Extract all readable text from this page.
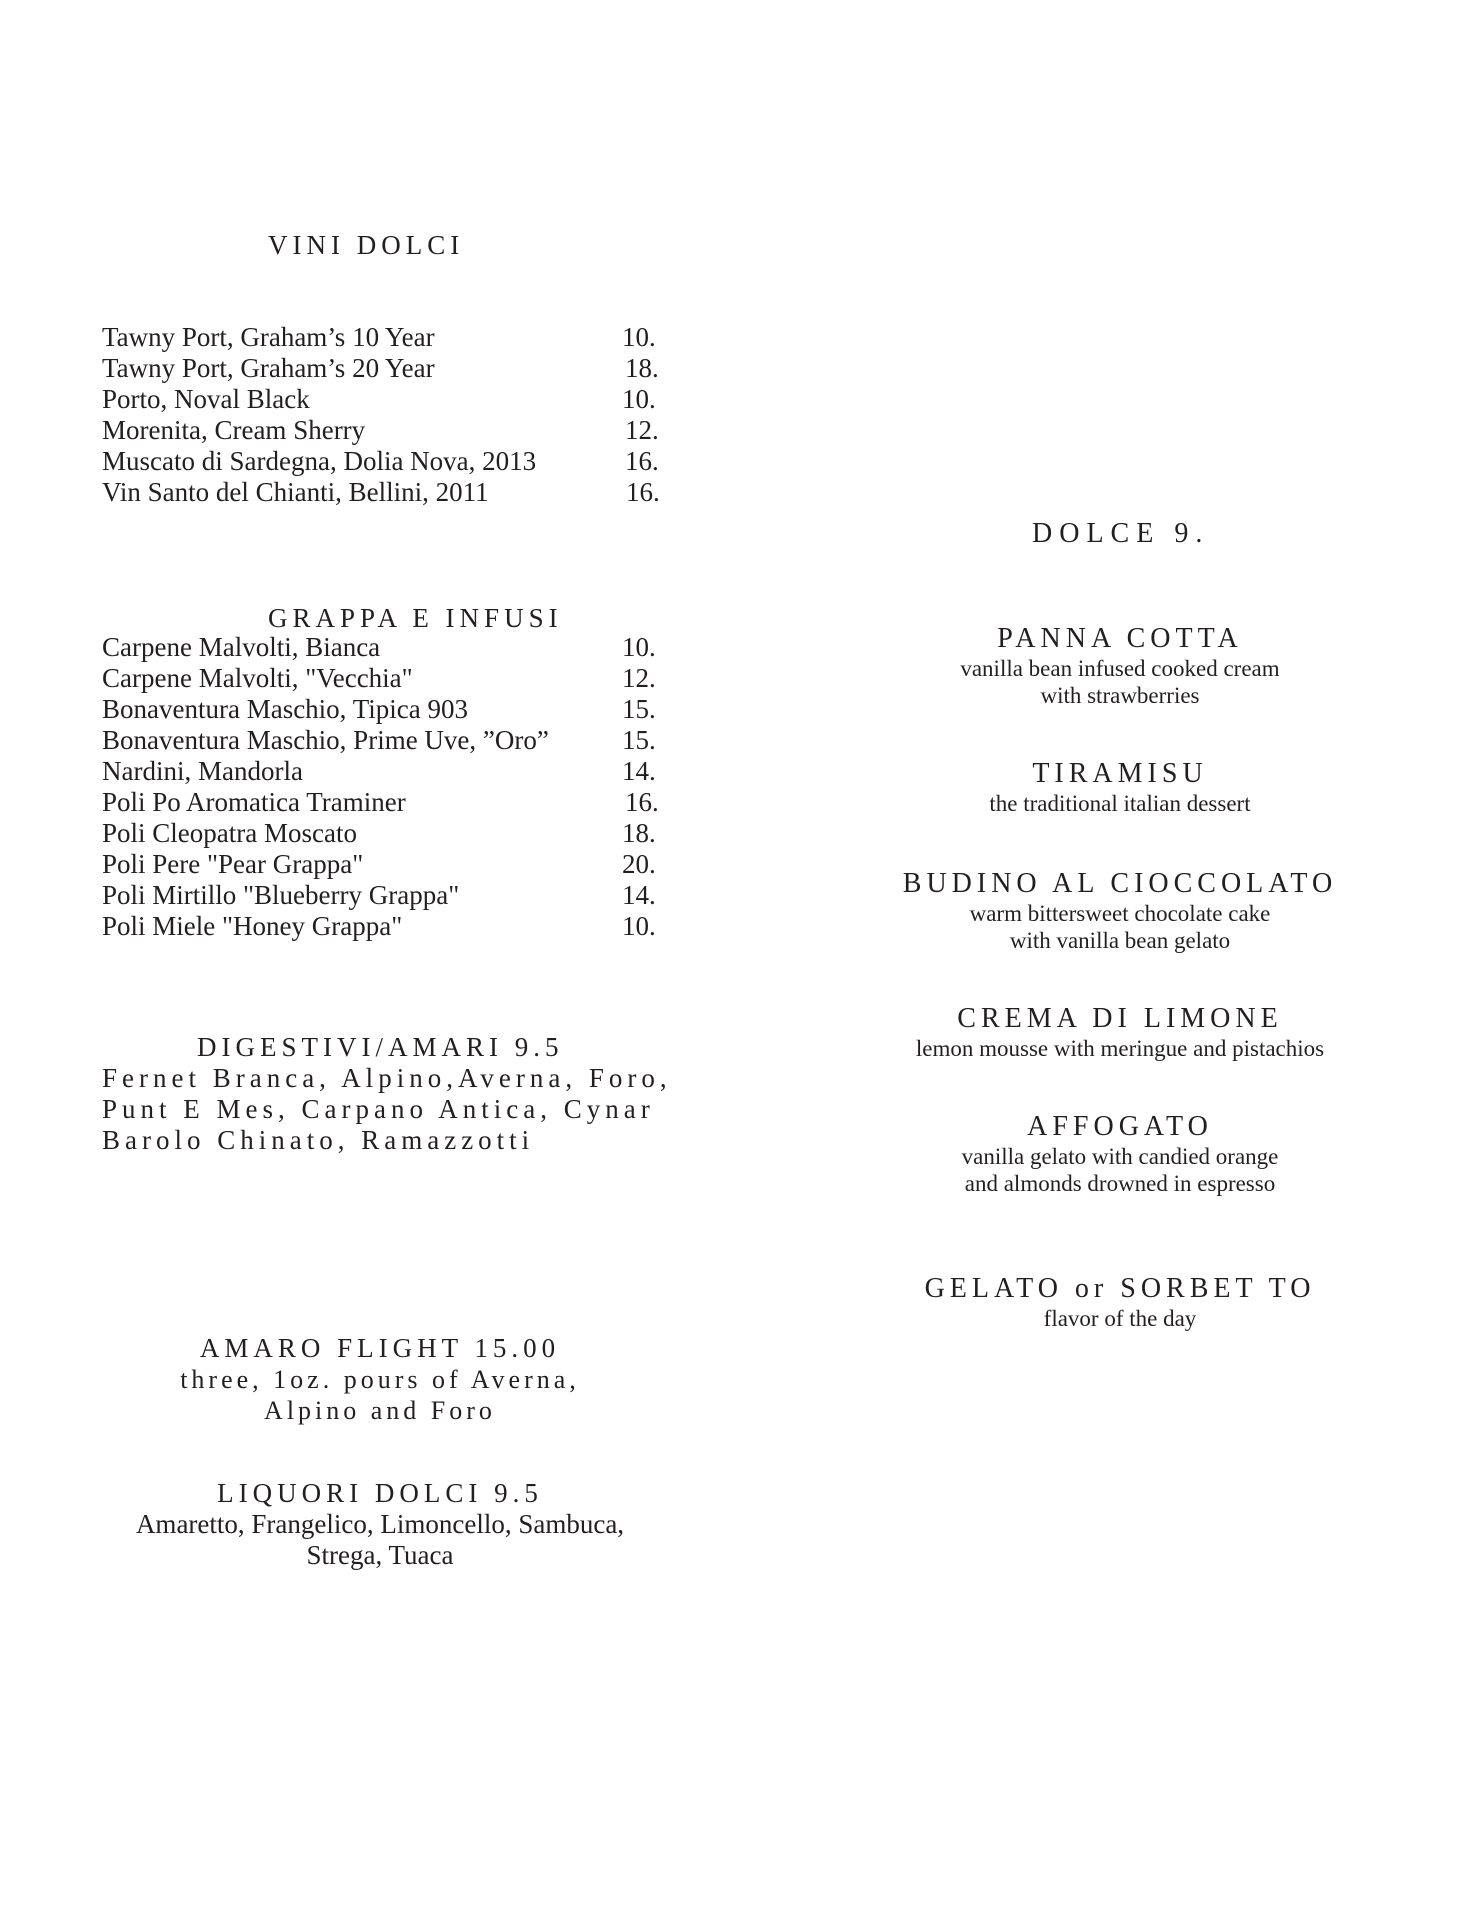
VINI DOLCI
Tawny Port, Graham’s 10 Year	10.
Tawny Port, Graham’s 20 Year	18.
Porto, Noval Black	10.
Morenita, Cream Sherry	12.
Muscato di Sardegna, Dolia Nova, 2013	16.
Vin Santo del Chianti, Bellini, 2011	16.
GRAPPA E INFUSI
Carpene Malvolti, Bianca	10.
Carpene Malvolti, "Vecchia"	12.
Bonaventura Maschio, Tipica 903	15.
Bonaventura Maschio, Prime Uve, ”Oro”	15.
Nardini, Mandorla	14.
Poli Po Aromatica Traminer	16.
Poli Cleopatra Moscato	18.
Poli Pere "Pear Grappa"	20.
Poli Mirtillo "Blueberry Grappa"	14.
Poli Miele "Honey Grappa"	10.
DIGESTIVI/AMARI 9.5
Fernet Branca, Alpino,Averna, Foro,
Punt E Mes, Carpano Antica, Cynar
Barolo Chinato, Ramazzotti
AMARO FLIGHT 15.00
three, 1oz. pours of Averna,
Alpino and Foro
LIQUORI DOLCI 9.5
Amaretto, Frangelico, Limoncello, Sambuca,
Strega, Tuaca
DOLCE 9.
PANNA COTTA
vanilla bean infused cooked cream
with strawberries
TIRAMISU
the traditional italian dessert
BUDINO AL CIOCCOLATO
warm bittersweet chocolate cake
with vanilla bean gelato
CREMA DI LIMONE
lemon mousse with meringue and pistachios
AFFOGATO
vanilla gelato with candied orange
and almonds drowned in espresso
GELATO or SORBET TO
flavor of the day
